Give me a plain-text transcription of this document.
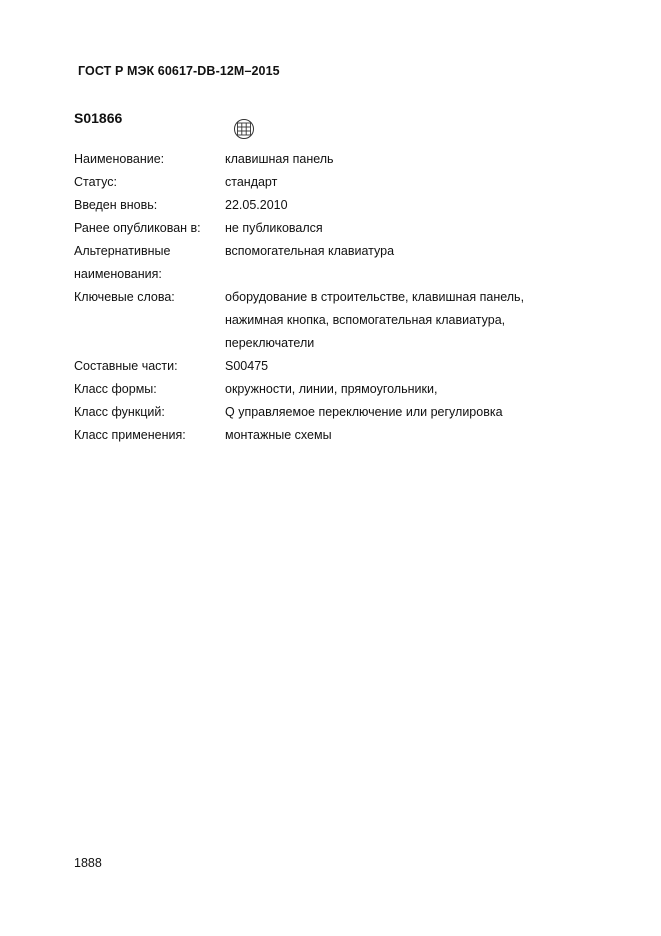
ГОСТ Р МЭК 60617-DB-12М–2015
S01866
Наименование:	клавишная панель
Статус:	стандарт
Введен вновь:	22.05.2010
Ранее опубликован в:	не публиковался
Альтернативные	вспомогательная клавиатура
наименования:
Ключевые слова:	оборудование в строительстве, клавишная панель,
нажимная кнопка, вспомогательная клавиатура,
переключатели
Составные части:	S00475
Класс формы:	окружности, линии, прямоугольники,
Класс функций:	Q управляемое переключение или регулировка
Класс применения:	монтажные схемы
1888
